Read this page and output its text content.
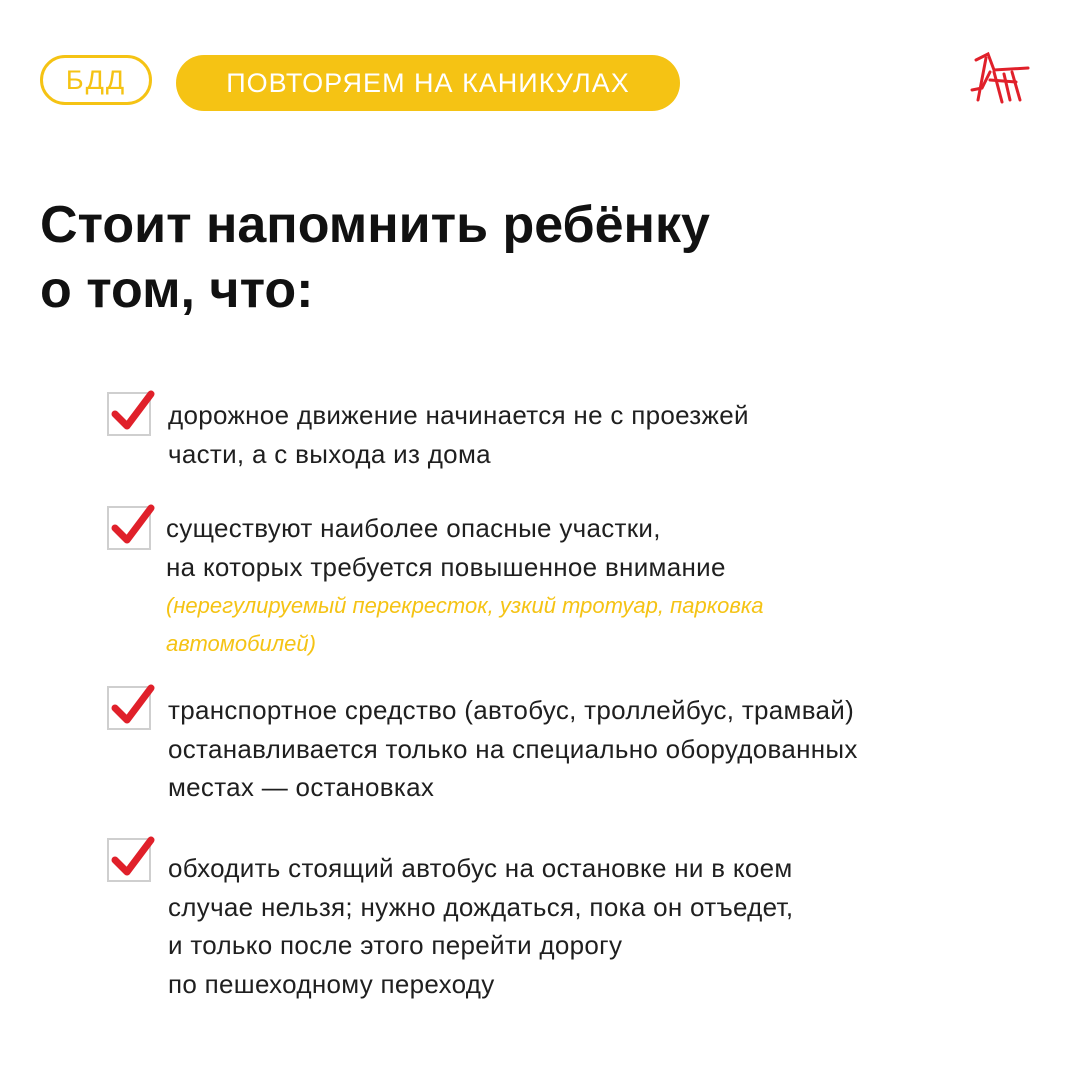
БДД	ПОВТОРЯЕМ НА КАНИКУЛАХ
Стоит напомнить ребёнку
о том, что:
дорожное движение начинается не с проезжей
части, а с выхода из дома
существуют наиболее опасные участки,
на которых требуется повышенное внимание
(нерегулируемый перекресток, узкий тротуар, парковка
автомобилей)
транспортное средство (автобус, троллейбус, трамвай)
останавливается только на специально оборудованных
местах — остановках
обходить стоящий автобус на остановке ни в коем
случае нельзя; нужно дождаться, пока он отъедет,
и только после этого перейти дорогу
по пешеходному переходу
